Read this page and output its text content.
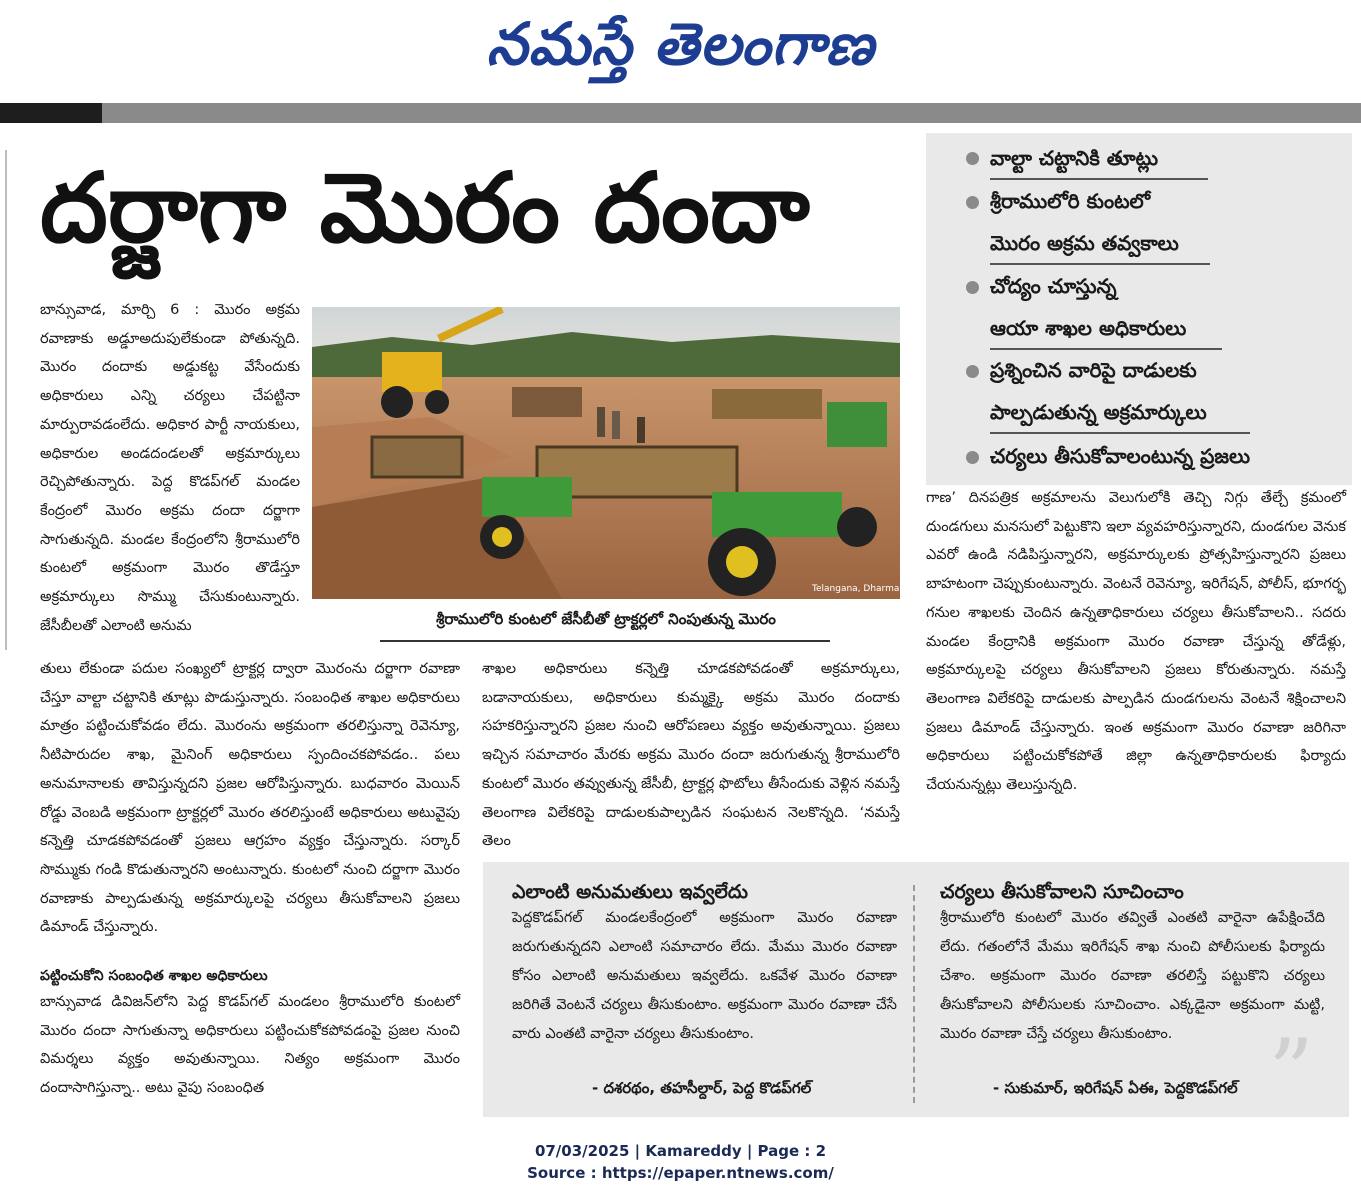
నమస్తే తెలంగాణ
దర్జాగా మొరం దందా

బాన్సువాడ, మార్చి 6 : మొరం అక్రమ రవాణాకు అడ్డూఅదుపులేకుండా పోతున్నది. మొరం దందాకు అడ్డుకట్ట వేసేందుకు అధికారులు ఎన్ని చర్యలు చేపట్టినా మార్పురావడంలేదు. అధికార పార్టీ నాయకులు, అధికారుల అండదండలతో అక్రమార్కులు రెచ్చిపోతున్నారు. పెద్ద కొడప్‌గల్ మండల కేంద్రంలో మొరం అక్రమ దందా దర్జాగా సాగుతున్నది. మండల కేంద్రంలోని శ్రీరాములోరి కుంటలో అక్రమంగా మొరం తొడేస్తూ అక్రమార్కులు సొమ్ము చేసుకుంటున్నారు. జేసీబీలతో ఎలాంటి అనుమ

తులు లేకుండా పదుల సంఖ్యలో ట్రాక్టర్ల ద్వారా మొరంను దర్జాగా రవాణా చేస్తూ వాల్టా చట్టానికి తూట్లు పొడుస్తున్నారు. సంబంధిత శాఖల అధికారులు మాత్రం పట్టించుకోవడం లేదు. మొరంను అక్రమంగా తరలిస్తున్నా రెవెన్యూ, నీటిపారుదల శాఖ, మైనింగ్ అధికారులు స్పందించకపోవడం.. పలు అనుమానాలకు తావిస్తున్నదని ప్రజల ఆరోపిస్తున్నారు. బుధవారం మెయిన్ రోడ్డు వెంబడి అక్రమంగా ట్రాక్టర్లలో మొరం తరలిస్తుంటే అధికారులు అటువైపు కన్నెత్తి చూడకపోవడంతో ప్రజలు ఆగ్రహం వ్యక్తం చేస్తున్నారు. సర్కార్ సొమ్ముకు గండి కొడుతున్నారని అంటున్నారు. కుంటలో నుంచి దర్జాగా మొరం రవాణాకు పాల్పడుతున్న అక్రమార్కులపై చర్యలు తీసుకోవాలని ప్రజలు డిమాండ్ చేస్తున్నారు.

పట్టించుకోని సంబంధిత శాఖల అధికారులు

బాన్సువాడ డివిజన్‌లోని పెద్ద కొడప్‌గల్ మండలం శ్రీరాములోరి కుంటలో మొరం దందా సాగుతున్నా అధికారులు పట్టించుకోకపోవడంపై ప్రజల నుంచి విమర్శలు వ్యక్తం అవుతున్నాయి. నిత్యం అక్రమంగా మొరం దందాసాగిస్తున్నా.. అటు వైపు సంబంధిత

శ్రీరాములోరి కుంటలో జేసీబీతో ట్రాక్టర్లలో నింపుతున్న మొరం
Telangana, Dharma

శాఖల అధికారులు కన్నెత్తి చూడకపోవడంతో అక్రమార్కులు, బడానాయకులు, అధికారులు కుమ్మక్కై అక్రమ మొరం దందాకు సహకరిస్తున్నారని ప్రజల నుంచి ఆరోపణలు వ్యక్తం అవుతున్నాయి. ప్రజలు ఇచ్చిన సమాచారం మేరకు అక్రమ మొరం దందా జరుగుతున్న శ్రీరాములోరి కుంటలో మొరం తవ్వుతున్న జేసీబీ, ట్రాక్టర్ల ఫొటోలు తీసేందుకు వెళ్లిన నమస్తే తెలంగాణ విలేకరిపై దాడులకుపాల్పడిన సంఘటన నెలకొన్నది. ‘నమస్తే తెలం

వాల్టా చట్టానికి తూట్లు
శ్రీరాములోరి కుంటలో
మొరం అక్రమ తవ్వకాలు
చోద్యం చూస్తున్న
ఆయా శాఖల అధికారులు
ప్రశ్నించిన వారిపై దాడులకు
పాల్పడుతున్న అక్రమార్కులు
చర్యలు తీసుకోవాలంటున్న ప్రజలు

గాణ’ దినపత్రిక అక్రమాలను వెలుగులోకి తెచ్చి నిగ్గు తేల్చే క్రమంలో దుండగులు మనసులో పెట్టుకొని ఇలా వ్యవహరిస్తున్నారని, దుండగుల వెనుక ఎవరో ఉండి నడిపిస్తున్నారని, అక్రమార్కులకు ప్రోత్సహిస్తున్నారని ప్రజలు బాహటంగా చెప్పుకుంటున్నారు. వెంటనే రెవెన్యూ, ఇరిగేషన్, పోలీస్, భూగర్భ గనుల శాఖలకు చెందిన ఉన్నతాధికారులు చర్యలు తీసుకోవాలని.. సదరు మండల కేంద్రానికి అక్రమంగా మొరం రవాణా చేస్తున్న తోడేళ్లు, అక్రమార్కులపై చర్యలు తీసుకోవాలని ప్రజలు కోరుతున్నారు. నమస్తే తెలంగాణ విలేకరిపై దాడులకు పాల్పడిన దుండగులను వెంటనే శిక్షించాలని ప్రజలు డిమాండ్ చేస్తున్నారు. ఇంత అక్రమంగా మొరం రవాణా జరిగినా అధికారులు పట్టించుకోకపోతే జిల్లా ఉన్నతాధికారులకు ఫిర్యాదు చేయనున్నట్లు తెలుస్తున్నది.

”
ఎలాంటి అనుమతులు ఇవ్వలేదు

పెద్దకొడప్‌గల్ మండలకేంద్రంలో అక్రమంగా మొరం రవాణా జరుగుతున్నదని ఎలాంటి సమాచారం లేదు. మేము మొరం రవాణా కోసం ఎలాంటి అనుమతులు ఇవ్వలేదు. ఒకవేళ మొరం రవాణా జరిగితే వెంటనే చర్యలు తీసుకుంటాం. అక్రమంగా మొరం రవాణా చేసే వారు ఎంతటి వారైనా చర్యలు తీసుకుంటాం.

- దశరథం, తహసీల్దార్, పెద్ద కొడప్‌గల్
చర్యలు తీసుకోవాలని సూచించాం

శ్రీరాములోరి కుంటలో మొరం తవ్వితే ఎంతటి వారైనా ఉపేక్షించేది లేదు. గతంలోనే మేము ఇరిగేషన్ శాఖ నుంచి పోలీసులకు ఫిర్యాదు చేశాం. అక్రమంగా మొరం రవాణా తరలిస్తే పట్టుకొని చర్యలు తీసుకోవాలని పోలీసులకు సూచించాం. ఎక్కడైనా అక్రమంగా మట్టి, మొరం రవాణా చేస్తే చర్యలు తీసుకుంటాం.

- సుకుమార్, ఇరిగేషన్ ఏఈ, పెద్దకొడప్‌గల్
07/03/2025 | Kamareddy | Page : 2
Source : https://epaper.ntnews.com/
